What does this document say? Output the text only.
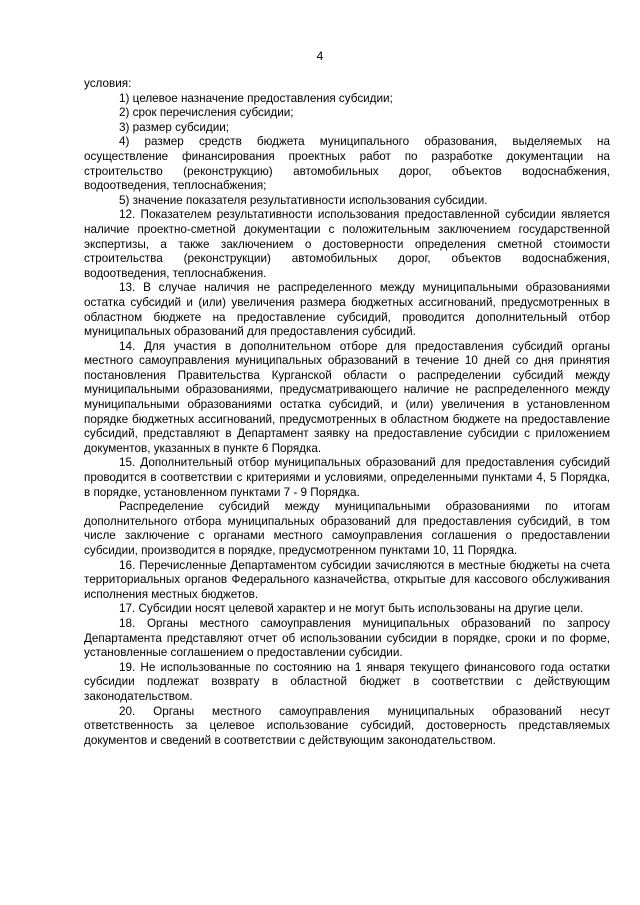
4

условия:

1) целевое назначение предоставления субсидии;

2) срок перечисления субсидии;

3) размер субсидии;

4) размер средств бюджета муниципального образования, выделяемых на осуществление финансирования проектных работ по разработке документации на строительство (реконструкцию) автомобильных дорог, объектов водоснабжения, водоотведения, теплоснабжения;

5) значение показателя результативности использования субсидии.

12. Показателем результативности использования предоставленной субсидии является наличие проектно-сметной документации с положительным заключением государственной экспертизы, а также заключением о достоверности определения сметной стоимости строительства (реконструкции) автомобильных дорог, объектов водоснабжения, водоотведения, теплоснабжения.

13. В случае наличия не распределенного между муниципальными образованиями остатка субсидий и (или) увеличения размера бюджетных ассигнований, предусмотренных в областном бюджете на предоставление субсидий, проводится дополнительный отбор муниципальных образований для предоставления субсидий.

14. Для участия в дополнительном отборе для предоставления субсидий органы местного самоуправления муниципальных образований в течение 10 дней со дня принятия постановления Правительства Курганской области о распределении субсидий между муниципальными образованиями, предусматривающего наличие не распределенного между муниципальными образованиями остатка субсидий, и (или) увеличения в установленном порядке бюджетных ассигнований, предусмотренных в областном бюджете на предоставление субсидий, представляют в Департамент заявку на предоставление субсидии с приложением документов, указанных в пункте 6 Порядка.

15. Дополнительный отбор муниципальных образований для предоставления субсидий проводится в соответствии с критериями и условиями, определенными пунктами 4, 5 Порядка, в порядке, установленном пунктами 7 - 9 Порядка.

Распределение субсидий между муниципальными образованиями по итогам дополнительного отбора муниципальных образований для предоставления субсидий, в том числе заключение с органами местного самоуправления соглашения о предоставлении субсидии, производится в порядке, предусмотренном пунктами 10, 11 Порядка.

16. Перечисленные Департаментом субсидии зачисляются в местные бюджеты на счета территориальных органов Федерального казначейства, открытые для кассового обслуживания исполнения местных бюджетов.

17. Субсидии носят целевой характер и не могут быть использованы на другие цели.

18. Органы местного самоуправления муниципальных образований по запросу Департамента представляют отчет об использовании субсидии в порядке, сроки и по форме, установленные соглашением о предоставлении субсидии.

19. Не использованные по состоянию на 1 января текущего финансового года остатки субсидии подлежат возврату в областной бюджет в соответствии с действующим законодательством.

20. Органы местного самоуправления муниципальных образований несут ответственность за целевое использование субсидий, достоверность представляемых документов и сведений в соответствии с действующим законодательством.
